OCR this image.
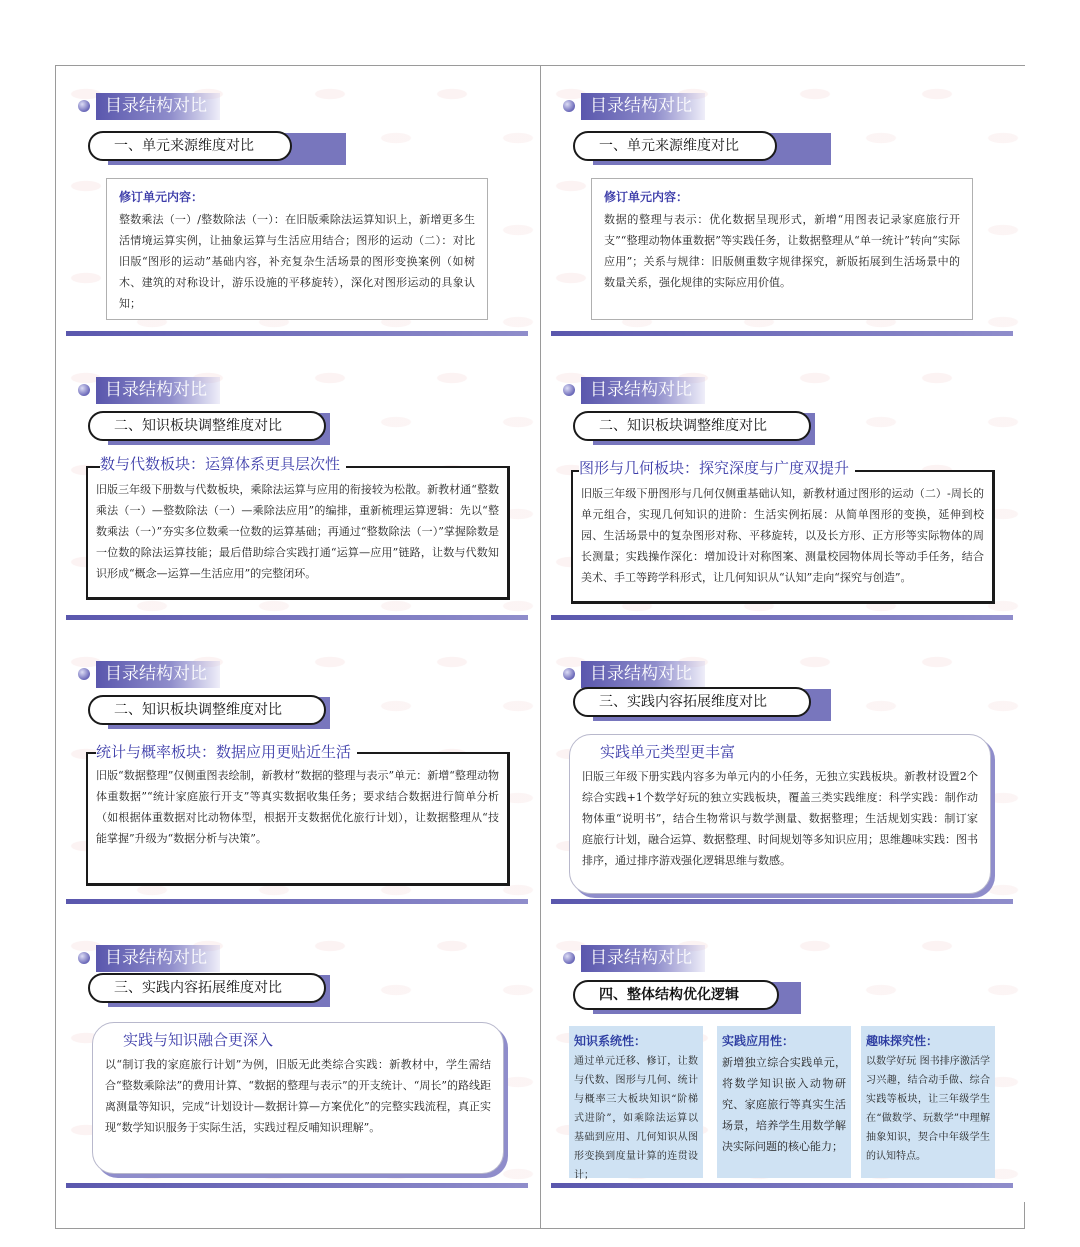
目录结构对比
一、单元来源维度对比
修订单元内容：

整数乘法（一）/整数除法（一）：在旧版乘除法运算知识上，新增更多生活情境运算实例，让抽象运算与生活应用结合；图形的运动（二）：对比旧版“图形的运动”基础内容，补充复杂生活场景的图形变换案例（如树木、建筑的对称设计，游乐设施的平移旋转），深化对图形运动的具象认知；

目录结构对比
一、单元来源维度对比
修订单元内容：

数据的整理与表示：优化数据呈现形式，新增“用图表记录家庭旅行开支”“整理动物体重数据”等实践任务，让数据整理从“单一统计”转向“实际应用”；关系与规律：旧版侧重数字规律探究，新版拓展到生活场景中的数量关系，强化规律的实际应用价值。

目录结构对比
二、知识板块调整维度对比
数与代数板块：运算体系更具层次性

旧版三年级下册数与代数板块，乘除法运算与应用的衔接较为松散。新教材通“整数乘法（一）—整数除法（一）—乘除法应用”的编排，重新梳理运算逻辑：先以“整数乘法（一）”夯实多位数乘一位数的运算基础；再通过“整数除法（一）”掌握除数是一位数的除法运算技能；最后借助综合实践打通“运算—应用”链路，让数与代数知识形成“概念—运算—生活应用”的完整闭环。

目录结构对比
二、知识板块调整维度对比
图形与几何板块：探究深度与广度双提升

旧版三年级下册图形与几何仅侧重基础认知，新教材通过图形的运动（二）-周长的单元组合，实现几何知识的进阶：生活实例拓展：从简单图形的变换，延伸到校园、生活场景中的复杂图形对称、平移旋转，以及长方形、正方形等实际物体的周长测量；实践操作深化：增加设计对称图案、测量校园物体周长等动手任务，结合美术、手工等跨学科形式，让几何知识从“认知”走向“探究与创造”。

目录结构对比
二、知识板块调整维度对比
统计与概率板块：数据应用更贴近生活

旧版“数据整理”仅侧重图表绘制，新教材“数据的整理与表示”单元：新增“整理动物体重数据”“统计家庭旅行开支”等真实数据收集任务；要求结合数据进行简单分析（如根据体重数据对比动物体型，根据开支数据优化旅行计划），让数据整理从“技能掌握”升级为“数据分析与决策”。

目录结构对比
三、实践内容拓展维度对比
实践单元类型更丰富

旧版三年级下册实践内容多为单元内的小任务，无独立实践板块。新教材设置2个综合实践+1个数学好玩的独立实践板块，覆盖三类实践维度：科学实践：制作动物体重“说明书”，结合生物常识与数学测量、数据整理；生活规划实践：制订家庭旅行计划，融合运算、数据整理、时间规划等多知识应用；思维趣味实践：图书排序，通过排序游戏强化逻辑思维与数感。

目录结构对比
三、实践内容拓展维度对比
实践与知识融合更深入

以“制订我的家庭旅行计划”为例，旧版无此类综合实践：新教材中，学生需结合“整数乘除法”的费用计算、“数据的整理与表示”的开支统计、“周长”的路线距离测量等知识，完成“计划设计—数据计算—方案优化”的完整实践流程，真正实现“数学知识服务于实际生活，实践过程反哺知识理解”。

目录结构对比
四、整体结构优化逻辑
知识系统性：

通过单元迁移、修订，让数与代数、图形与几何、统计与概率三大板块知识“阶梯式进阶”，如乘除法运算以基础到应用、几何知识从图形变换到度量计算的连贯设计；

实践应用性：

新增独立综合实践单元，将数学知识嵌入动物研究、家庭旅行等真实生活场景，培养学生用数学解决实际问题的核心能力；

趣味探究性：

以数学好玩 图书排序激活学习兴趣，结合动手做、综合实践等板块，让三年级学生在“做数学、玩数学”中理解抽象知识，契合中年级学生的认知特点。
